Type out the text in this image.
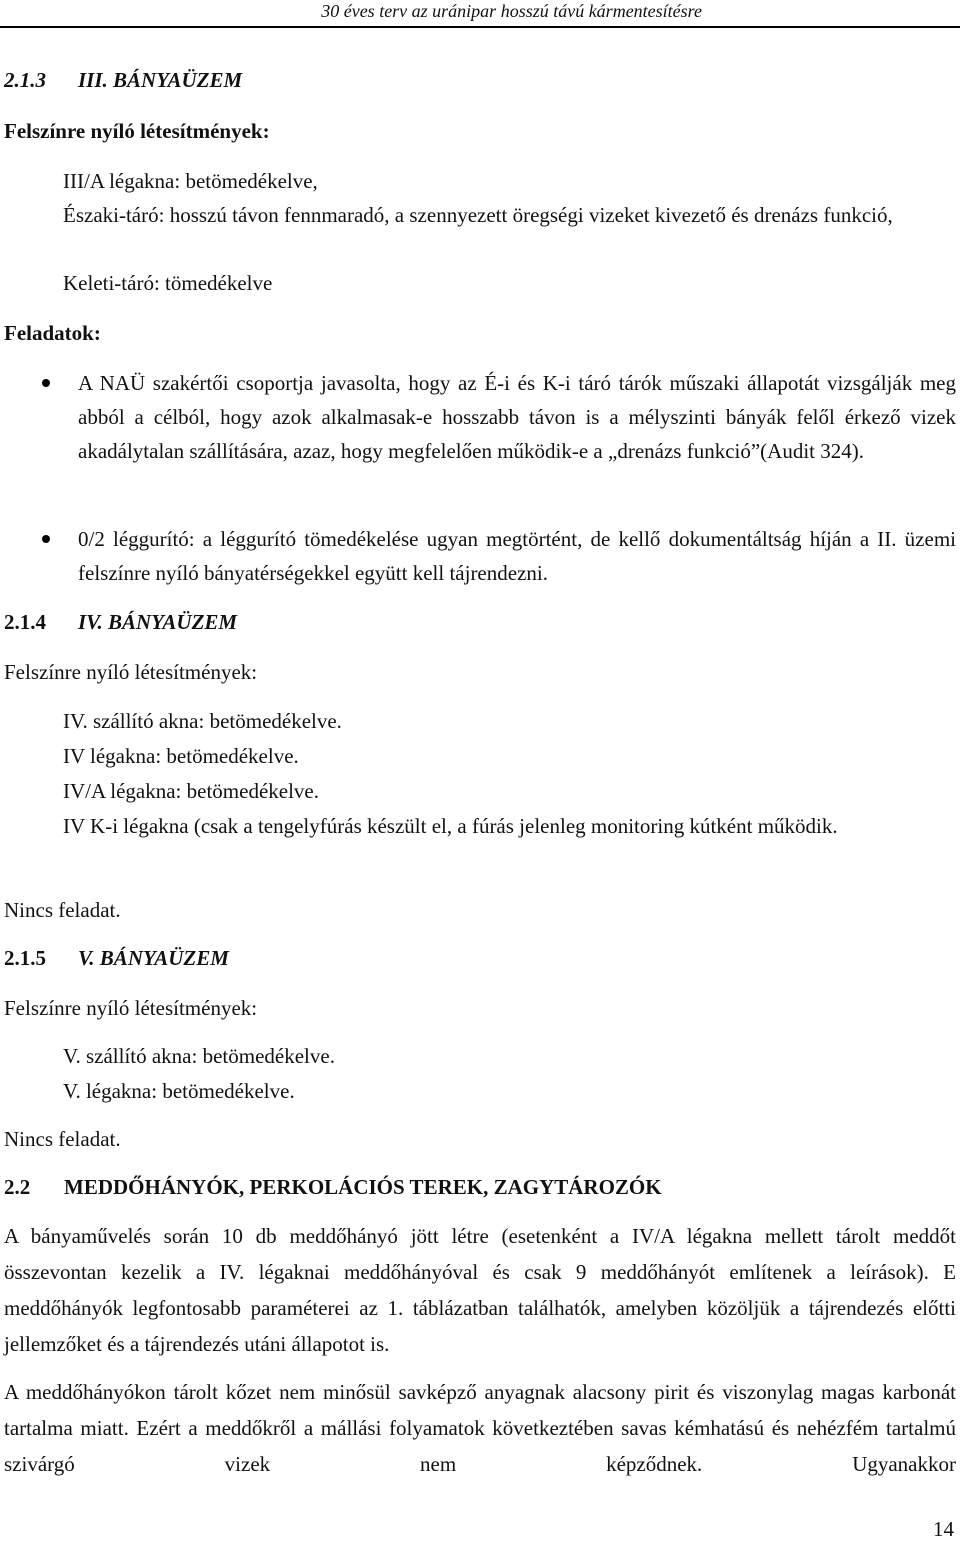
30 éves terv az uránipar hosszú távú kármentesítésre

2.1.3 III. BÁNYAÜZEM

Felszínre nyíló létesítmények:

III/A légakna: betömedékelve,

Északi-táró: hosszú távon fennmaradó, a szennyezett öregségi vizeket kivezető és drenázs funkció,

Keleti-táró: tömedékelve

Feladatok:

A NAÜ szakértői csoportja javasolta, hogy az É-i és K-i táró tárók műszaki állapotát vizsgálják meg abból a célból, hogy azok alkalmasak-e hosszabb távon is a mélyszinti bányák felől érkező vizek akadálytalan szállítására, azaz, hogy megfelelően működik-e a „drenázs funkció”(Audit 324).

0/2 léggurító: a léggurító tömedékelése ugyan megtörtént, de kellő dokumentáltság híján a II. üzemi felszínre nyíló bányatérségekkel együtt kell tájrendezni.

2.1.4 IV. BÁNYAÜZEM

Felszínre nyíló létesítmények:

IV. szállító akna: betömedékelve.

IV légakna: betömedékelve.

IV/A légakna: betömedékelve.

IV K-i légakna (csak a tengelyfúrás készült el, a fúrás jelenleg monitoring kútként működik.

Nincs feladat.

2.1.5 V. BÁNYAÜZEM

Felszínre nyíló létesítmények:

V. szállító akna: betömedékelve.

V. légakna: betömedékelve.

Nincs feladat.

2.2 MEDDŐHÁNYÓK, PERKOLÁCIÓS TEREK, ZAGYTÁROZÓK

A bányaművelés során 10 db meddőhányó jött létre (esetenként a IV/A légakna mellett tárolt meddőt összevontan kezelik a IV. légaknai meddőhányóval és csak 9 meddőhányót említenek a leírások). E meddőhányók legfontosabb paraméterei az 1. táblázatban találhatók, amelyben közöljük a tájrendezés előtti jellemzőket és a tájrendezés utáni állapotot is.

A meddőhányókon tárolt kőzet nem minősül savképző anyagnak alacsony pirit és viszonylag magas karbonát tartalma miatt. Ezért a meddőkről a mállási folyamatok következtében savas kémhatású és nehézfém tartalmú szivárgó vizek nem képződnek. Ugyanakkor

14
